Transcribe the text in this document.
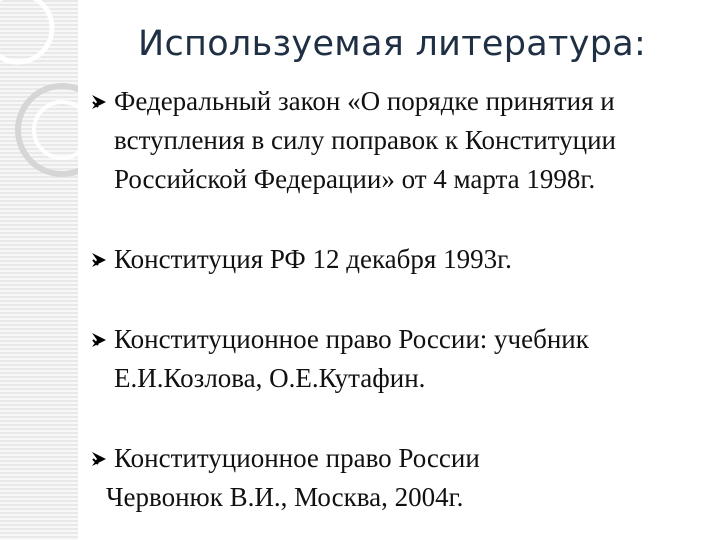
Используемая литература:
Федеральный закон «О порядке принятия и
вступления в силу поправок к Конституции
Российской Федерации» от 4 марта 1998г.
Конституция РФ 12 декабря 1993г.
Конституционное право России: учебник
Е.И.Козлова, О.Е.Кутафин.
Конституционное право России
Червонюк В.И., Москва, 2004г.
